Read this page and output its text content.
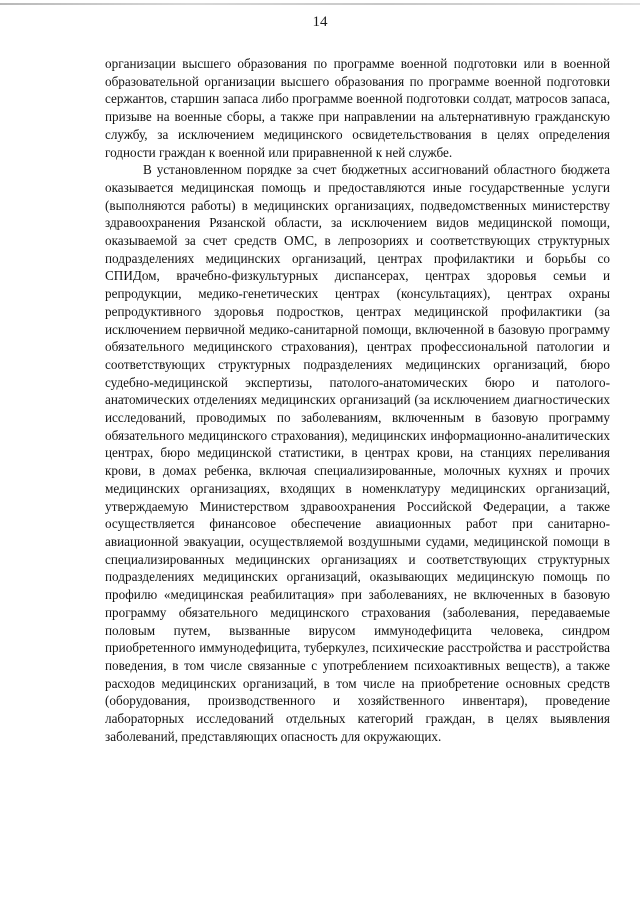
14

организации высшего образования по программе военной подготовки или в военной образовательной организации высшего образования по программе военной подготовки сержантов, старшин запаса либо программе военной подготовки солдат, матросов запаса, призыве на военные сборы, а также при направлении на альтернативную гражданскую службу, за исключением медицинского освидетельствования в целях определения годности граждан к военной или приравненной к ней службе.

В установленном порядке за счет бюджетных ассигнований областного бюджета оказывается медицинская помощь и предоставляются иные государственные услуги (выполняются работы) в медицинских организациях, подведомственных министерству здравоохранения Рязанской области, за исключением видов медицинской помощи, оказываемой за счет средств ОМС, в лепрозориях и соответствующих структурных подразделениях медицинских организаций, центрах профилактики и борьбы со СПИДом, врачебно-физкультурных диспансерах, центрах здоровья семьи и репродукции, медико-генетических центрах (консультациях), центрах охраны репродуктивного здоровья подростков, центрах медицинской профилактики (за исключением первичной медико-санитарной помощи, включенной в базовую программу обязательного медицинского страхования), центрах профессиональной патологии и соответствующих структурных подразделениях медицинских организаций, бюро судебно-медицинской экспертизы, патолого-анатомических бюро и патолого-анатомических отделениях медицинских организаций (за исключением диагностических исследований, проводимых по заболеваниям, включенным в базовую программу обязательного медицинского страхования), медицинских информационно-аналитических центрах, бюро медицинской статистики, в центрах крови, на станциях переливания крови, в домах ребенка, включая специализированные, молочных кухнях и прочих медицинских организациях, входящих в номенклатуру медицинских организаций, утверждаемую Министерством здравоохранения Российской Федерации, а также осуществляется финансовое обеспечение авиационных работ при санитарно-авиационной эвакуации, осуществляемой воздушными судами, медицинской помощи в специализированных медицинских организациях и соответствующих структурных подразделениях медицинских организаций, оказывающих медицинскую помощь по профилю «медицинская реабилитация» при заболеваниях, не включенных в базовую программу обязательного медицинского страхования (заболевания, передаваемые половым путем, вызванные вирусом иммунодефицита человека, синдром приобретенного иммунодефицита, туберкулез, психические расстройства и расстройства поведения, в том числе связанные с употреблением психоактивных веществ), а также расходов медицинских организаций, в том числе на приобретение основных средств (оборудования, производственного и хозяйственного инвентаря), проведение лабораторных исследований отдельных категорий граждан, в целях выявления заболеваний, представляющих опасность для окружающих.
